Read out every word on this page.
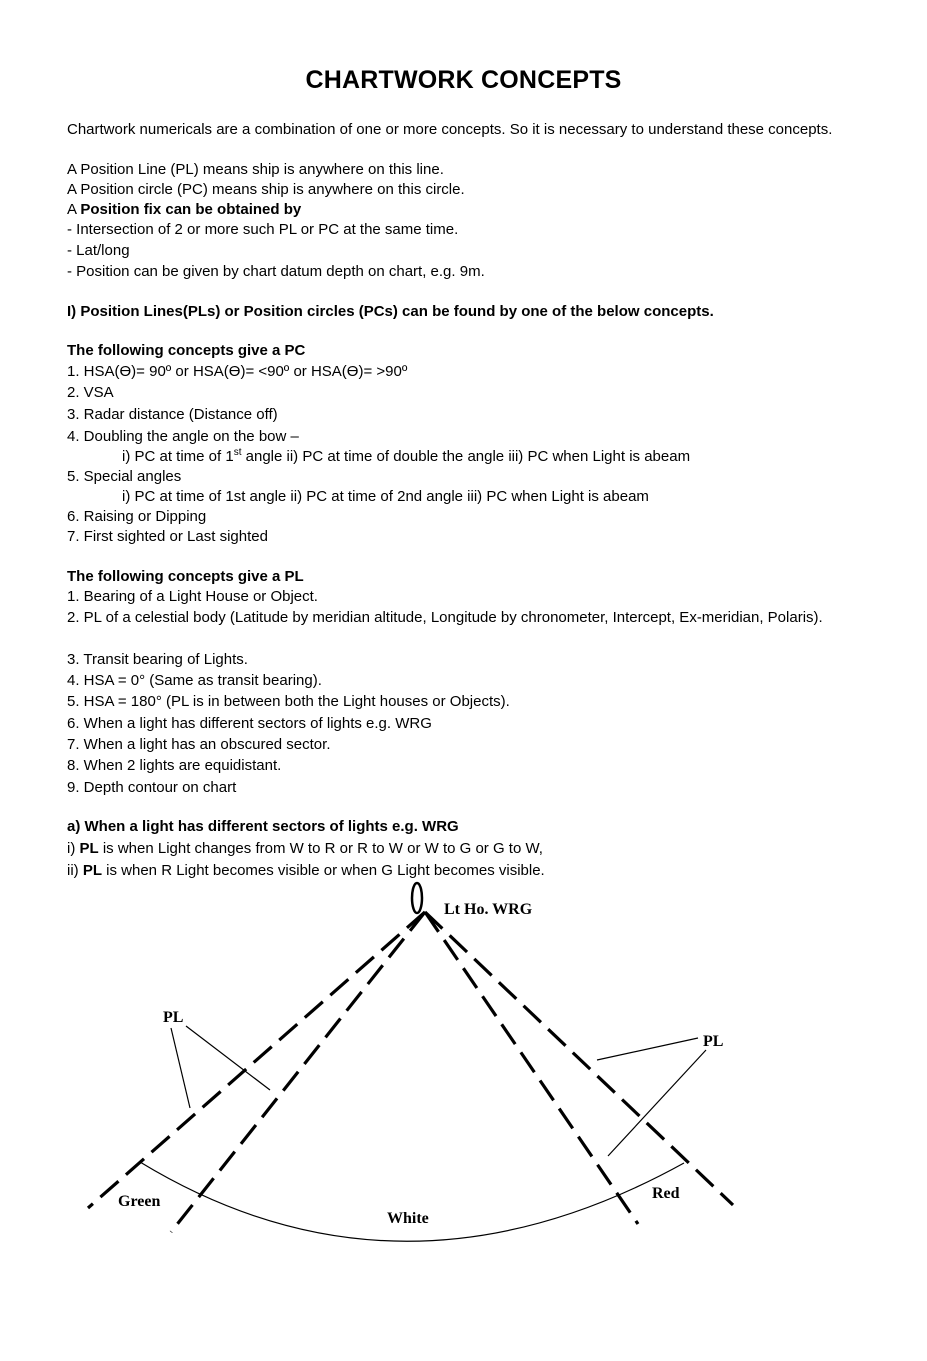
CHARTWORK CONCEPTS
Chartwork numericals are a combination of one or more concepts. So it is necessary to understand these concepts.
A Position Line (PL) means ship is anywhere on this line.
A Position circle (PC) means ship is anywhere on this circle.
A Position fix can be obtained by
- Intersection of 2 or more such PL or PC at the same time.
- Lat/long
- Position can be given by chart datum depth on chart, e.g. 9m.
I) Position Lines(PLs) or Position circles (PCs) can be found by one of the below concepts.
The following concepts give a PC
1. HSA(ϴ)= 90º or HSA(ϴ)= <90º or HSA(ϴ)= >90º
2. VSA
3. Radar distance (Distance off)
4. Doubling the angle on the bow –
i) PC at time of 1st angle ii) PC at time of double the angle iii) PC when Light is abeam
5. Special angles
i) PC at time of 1st angle ii) PC at time of 2nd angle iii) PC when Light is abeam
6. Raising or Dipping
7. First sighted or Last sighted
The following concepts give a PL
1. Bearing of a Light House or Object.
2. PL of a celestial body (Latitude by meridian altitude, Longitude by chronometer, Intercept, Ex-meridian, Polaris).
3. Transit bearing of Lights.
4. HSA = 0° (Same as transit bearing).
5. HSA = 180° (PL is in between both the Light houses or Objects).
6. When a light has different sectors of lights e.g. WRG
7. When a light has an obscured sector.
8. When 2 lights are equidistant.
9. Depth contour on chart
a) When a light has different sectors of lights e.g. WRG
i) PL is when Light changes from W to R or R to W or W to G or G to W,
ii) PL is when R Light becomes visible or when G Light becomes visible.
Lt Ho. WRG
PL
PL
Green
White
Red
